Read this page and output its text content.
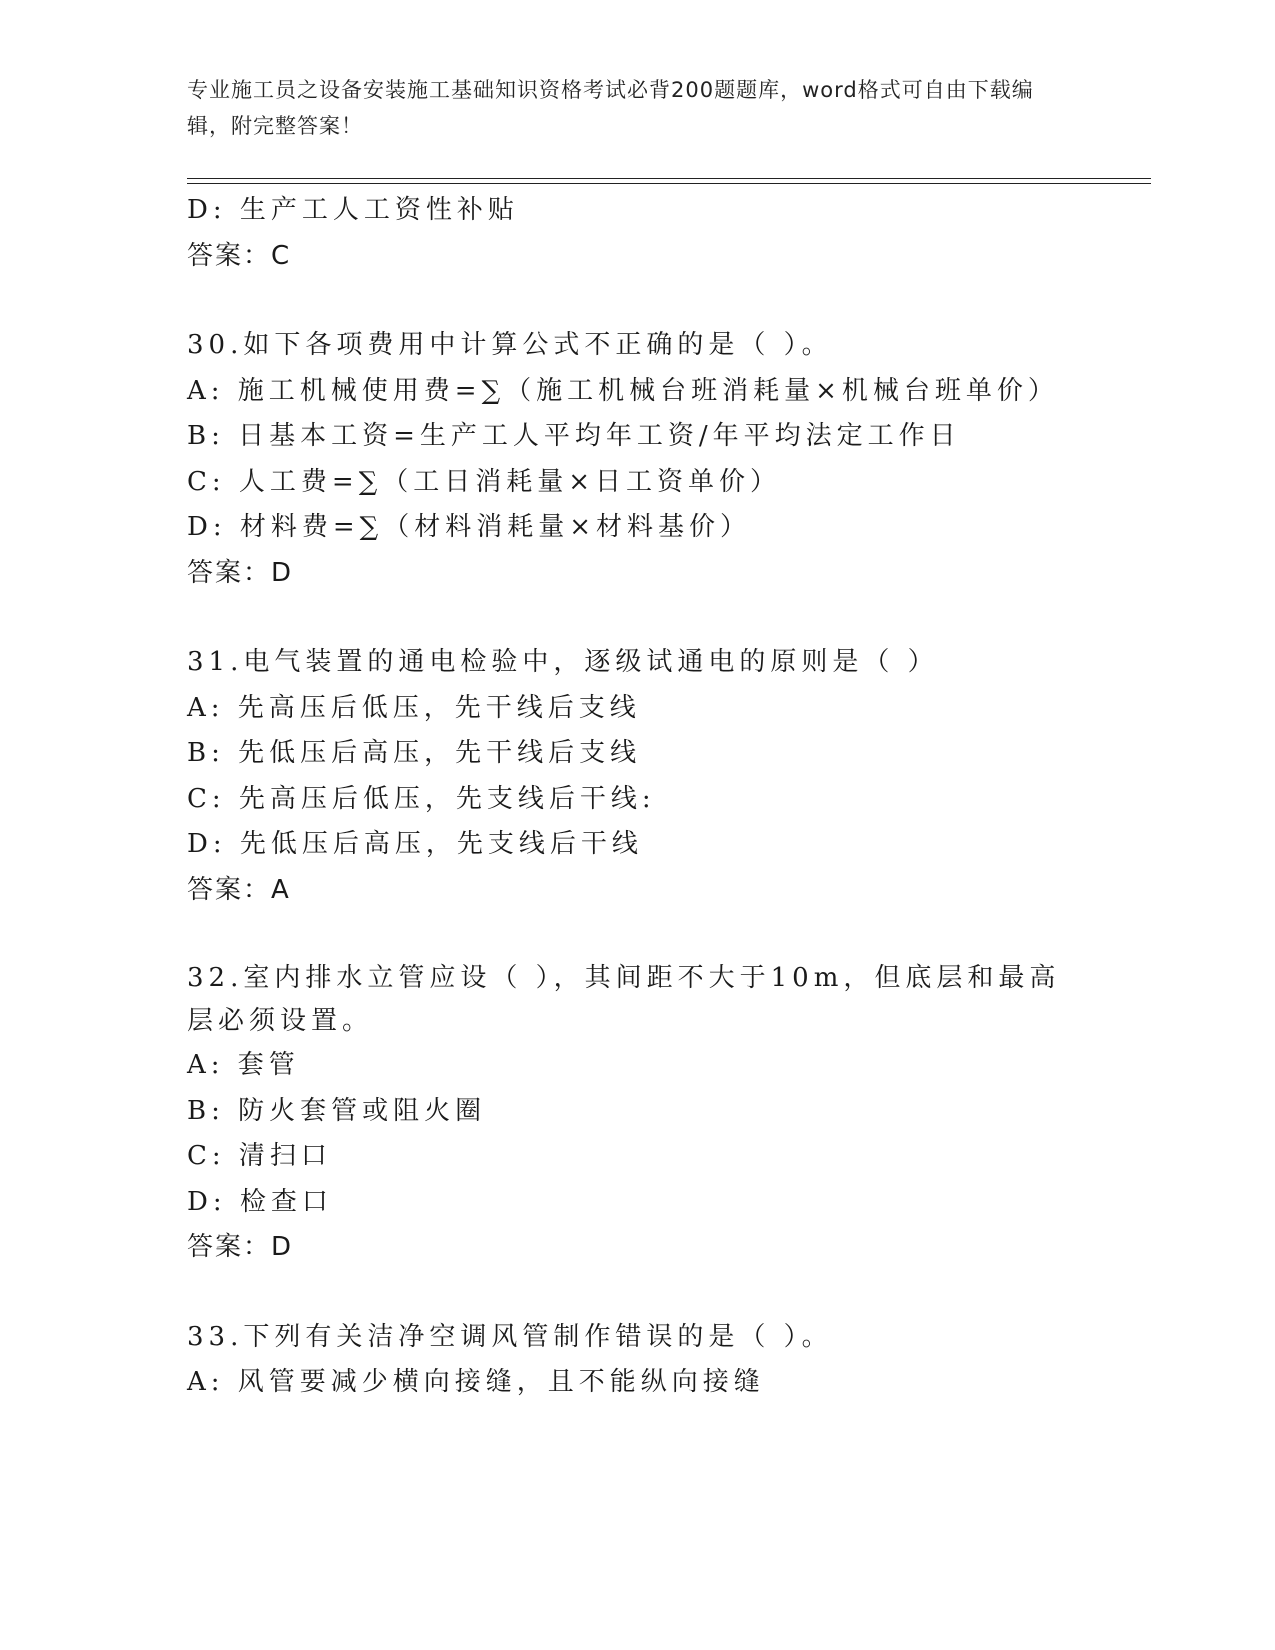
专业施工员之设备安装施工基础知识资格考试必背200题题库，word格式可自由下载编辑，附完整答案！
D: 生产工人工资性补贴
答案：C
30.如下各项费用中计算公式不正确的是（ ）。
A: 施工机械使用费=∑（施工机械台班消耗量×机械台班单价）
B: 日基本工资=生产工人平均年工资/年平均法定工作日
C: 人工费=∑（工日消耗量×日工资单价）
D: 材料费=∑（材料消耗量×材料基价）
答案：D
31.电气装置的通电检验中，逐级试通电的原则是（ ）
A: 先高压后低压，先干线后支线
B: 先低压后高压，先干线后支线
C: 先高压后低压，先支线后干线:
D: 先低压后高压，先支线后干线
答案：A
32.室内排水立管应设（ ），其间距不大于10m，但底层和最高层必须设置。
A: 套管
B: 防火套管或阻火圈
C: 清扫口
D: 检查口
答案：D
33.下列有关洁净空调风管制作错误的是（ ）。
A: 风管要减少横向接缝，且不能纵向接缝
